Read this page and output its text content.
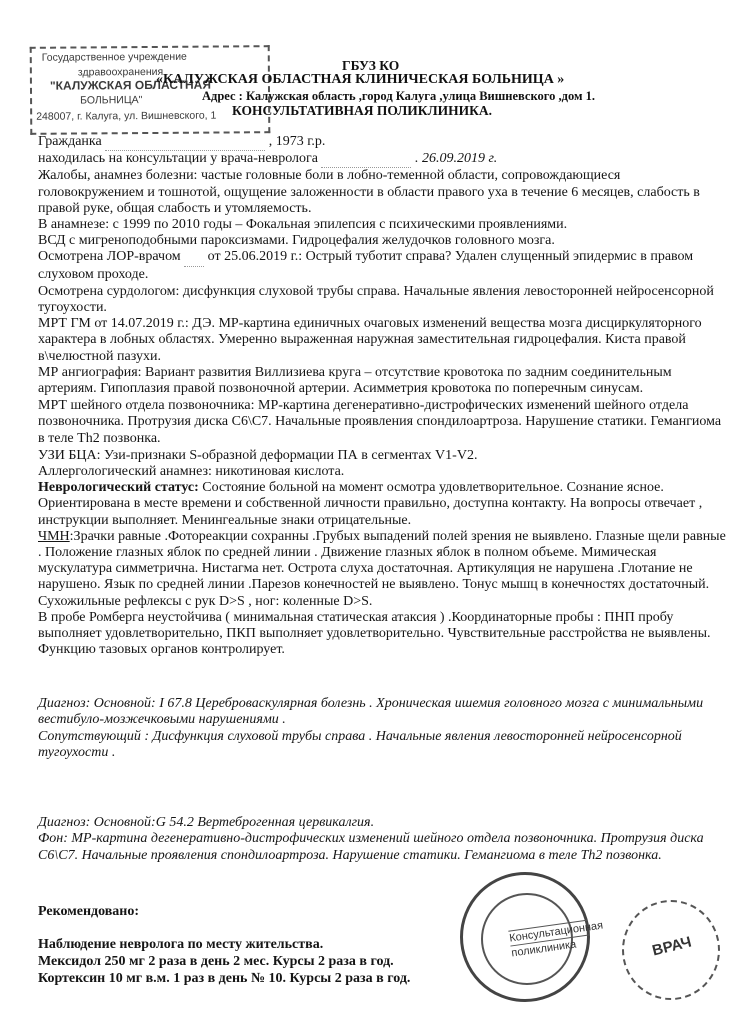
Государственное учреждение
здравоохранения
"КАЛУЖСКАЯ ОБЛАСТНАЯ
БОЛЬНИЦА"
248007, г. Калуга, ул. Вишневского, 1
ГБУЗ КО
«КАЛУЖСКАЯ ОБЛАСТНАЯ КЛИНИЧЕСКАЯ БОЛЬНИЦА »
Адрес : Калужская область ,город Калуга ,улица Вишневского ,дом 1.
КОНСУЛЬТАТИВНАЯ ПОЛИКЛИНИКА.

Гражданка	, 1973 г.р.

находилась на консультации у врача-невролога	. 26.09.2019 г.

Жалобы, анамнез болезни: частые головные боли в лобно-теменной области, сопровождающиеся головокружением и тошнотой, ощущение заложенности в области правого уха в течение 6 месяцев, слабость в правой руке, общая слабость и утомляемость.

В анамнезе: с 1999 по 2010 годы – Фокальная эпилепсия с психическими проявлениями.

ВСД с мигреноподобными пароксизмами. Гидроцефалия желудочков головного мозга.

Осмотрена ЛОР-врачом от 25.06.2019 г.: Острый туботит справа? Удален слущенный эпидермис в правом слуховом проходе.

Осмотрена сурдологом: дисфункция слуховой трубы справа. Начальные явления левосторонней нейросенсорной тугоухости.

МРТ ГМ от 14.07.2019 г.: ДЭ. МР-картина единичных очаговых изменений вещества мозга дисциркуляторного характера в лобных областях. Умеренно выраженная наружная заместительная гидроцефалия. Киста правой в\челюстной пазухи.

МР ангиография: Вариант развития Виллизиева круга – отсутствие кровотока по задним соединительным артериям. Гипоплазия правой позвоночной артерии. Асимметрия кровотока по поперечным синусам.

МРТ шейного отдела позвоночника: МР-картина дегенеративно-дистрофических изменений шейного отдела позвоночника. Протрузия диска С6\С7. Начальные проявления спондилоартроза. Нарушение статики. Гемангиома в теле Th2 позвонка.

УЗИ БЦА: Узи-признаки S-образной деформации ПА в сегментах V1-V2.

Аллергологический анамнез: никотиновая кислота.

Неврологический статус: Состояние больной на момент осмотра удовлетворительное. Сознание ясное. Ориентирована в месте времени и собственной личности правильно, доступна контакту. На вопросы отвечает , инструкции выполняет. Менингеальные знаки отрицательные.

ЧМН:Зрачки равные .Фотореакции сохранны .Грубых выпадений полей зрения не выявлено. Глазные щели равные . Положение глазных яблок по средней линии . Движение глазных яблок в полном объеме. Мимическая мускулатура симметрична. Нистагма нет. Острота слуха достаточная. Артикуляция не нарушена .Глотание не нарушено. Язык по средней линии .Парезов конечностей не выявлено. Тонус мышц в конечностях достаточный. Сухожильные рефлексы с рук D>S , ног: коленные D>S.

В пробе Ромберга неустойчива ( минимальная статическая атаксия ) .Координаторные пробы : ПНП пробу выполняет удовлетворительно, ПКП выполняет удовлетворительно. Чувствительные расстройства не выявлены. Функцию тазовых органов контролирует.

Диагноз: Основной: I 67.8 Цереброваскулярная болезнь . Хроническая ишемия головного мозга с минимальными вестибуло-мозжечковыми нарушениями .

Сопутствующий : Дисфункция слуховой трубы справа . Начальные явления левосторонней нейросенсорной тугоухости .

Диагноз: Основной:G 54.2 Вертеброгенная цервикалгия.

Фон: МР-картина дегенеративно-дистрофических изменений шейного отдела позвоночника. Протрузия диска С6\С7. Начальные проявления спондилоартроза. Нарушение статики. Гемангиома в теле Th2 позвонка.

Рекомендовано:

Наблюдение невролога по месту жительства.

Мексидол 250 мг 2 раза в день 2 мес. Курсы 2 раза в год.

Кортексин 10 мг в.м. 1 раз в день № 10. Курсы 2 раза в год.

Консультационная
поликлиника	ВРАЧ
